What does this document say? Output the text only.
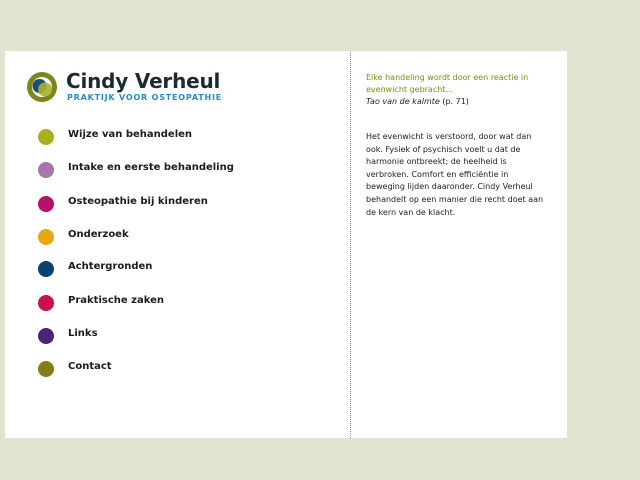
Cindy Verheul
PRAKTIJK VOOR OSTEOPATHIE
Wijze van behandelen
Intake en eerste behandeling
Osteopathie bij kinderen
Onderzoek
Achtergronden
Praktische zaken
Links
Contact
Elke handeling wordt door een reactie in evenwicht gebracht...
Tao van de kalmte (p. 71)
Het evenwicht is verstoord, door wat dan ook. Fysiek of psychisch voelt u dat de harmonie ontbreekt; de heelheid is verbroken. Comfort en efficiëntie in beweging lijden daaronder. Cindy Verheul behandelt op een manier die recht doet aan de kern van de klacht.
